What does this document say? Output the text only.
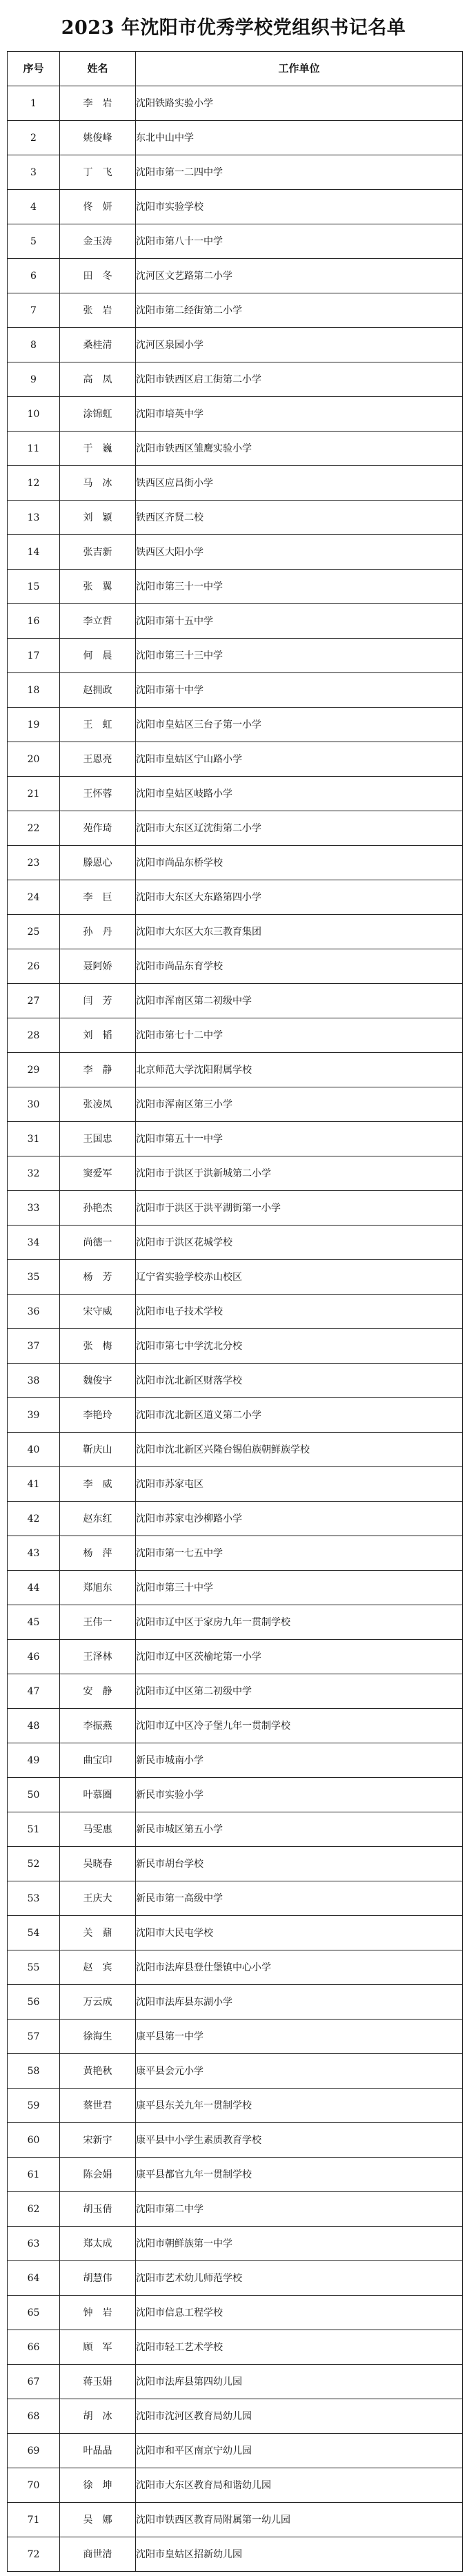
2023 年沈阳市优秀学校党组织书记名单
序号	姓名	工作单位
1	李　岩	沈阳铁路实验小学
2	姚俊峰	东北中山中学
3	丁　飞	沈阳市第一二四中学
4	佟　妍	沈阳市实验学校
5	金玉涛	沈阳市第八十一中学
6	田　冬	沈河区文艺路第二小学
7	张　岩	沈阳市第二经街第二小学
8	桑桂清	沈河区泉园小学
9	高　凤	沈阳市铁西区启工街第二小学
10	涂锦虹	沈阳市培英中学
11	于　巍	沈阳市铁西区雏鹰实验小学
12	马　冰	铁西区应昌街小学
13	刘　颖	铁西区齐贤二校
14	张吉新	铁西区大阳小学
15	张　翼	沈阳市第三十一中学
16	李立哲	沈阳市第十五中学
17	何　晨	沈阳市第三十三中学
18	赵拥政	沈阳市第十中学
19	王　虹	沈阳市皇姑区三台子第一小学
20	王恩亮	沈阳市皇姑区宁山路小学
21	王怀蓉	沈阳市皇姑区岐路小学
22	苑作琦	沈阳市大东区辽沈街第二小学
23	滕恩心	沈阳市尚品东桥学校
24	李　巨	沈阳市大东区大东路第四小学
25	孙　丹	沈阳市大东区大东三教育集团
26	聂阿娇	沈阳市尚品东育学校
27	闫　芳	沈阳市浑南区第二初级中学
28	刘　韬	沈阳市第七十二中学
29	李　静	北京师范大学沈阳附属学校
30	张凌凤	沈阳市浑南区第三小学
31	王国忠	沈阳市第五十一中学
32	窦爱军	沈阳市于洪区于洪新城第二小学
33	孙艳杰	沈阳市于洪区于洪平湖街第一小学
34	尚德一	沈阳市于洪区花城学校
35	杨　芳	辽宁省实验学校赤山校区
36	宋守威	沈阳市电子技术学校
37	张　梅	沈阳市第七中学沈北分校
38	魏俊宇	沈阳市沈北新区财落学校
39	李艳玲	沈阳市沈北新区道义第二小学
40	靳庆山	沈阳市沈北新区兴隆台锡伯族朝鲜族学校
41	李　威	沈阳市苏家屯区
42	赵东红	沈阳市苏家屯沙柳路小学
43	杨　萍	沈阳市第一七五中学
44	郑旭东	沈阳市第三十中学
45	王伟一	沈阳市辽中区于家房九年一贯制学校
46	王泽林	沈阳市辽中区茨榆坨第一小学
47	安　静	沈阳市辽中区第二初级中学
48	李振燕	沈阳市辽中区冷子堡九年一贯制学校
49	曲宝印	新民市城南小学
50	叶慕圈	新民市实验小学
51	马雯惠	新民市城区第五小学
52	吴晓春	新民市胡台学校
53	王庆大	新民市第一高级中学
54	关　鼐	沈阳市大民屯学校
55	赵　宾	沈阳市法库县登仕堡镇中心小学
56	万云成	沈阳市法库县东湖小学
57	徐海生	康平县第一中学
58	黄艳秋	康平县会元小学
59	蔡世君	康平县东关九年一贯制学校
60	宋新宇	康平县中小学生素质教育学校
61	陈会娟	康平县都官九年一贯制学校
62	胡玉倩	沈阳市第二中学
63	郑太成	沈阳市朝鲜族第一中学
64	胡慧伟	沈阳市艺术幼儿师范学校
65	钟　岩	沈阳市信息工程学校
66	顾　军	沈阳市轻工艺术学校
67	蒋玉娟	沈阳市法库县第四幼儿园
68	胡　冰	沈阳市沈河区教育局幼儿园
69	叶晶晶	沈阳市和平区南京宁幼儿园
70	徐　坤	沈阳市大东区教育局和谐幼儿园
71	吴　娜	沈阳市铁西区教育局附属第一幼儿园
72	商世清	沈阳市皇姑区招新幼儿园
